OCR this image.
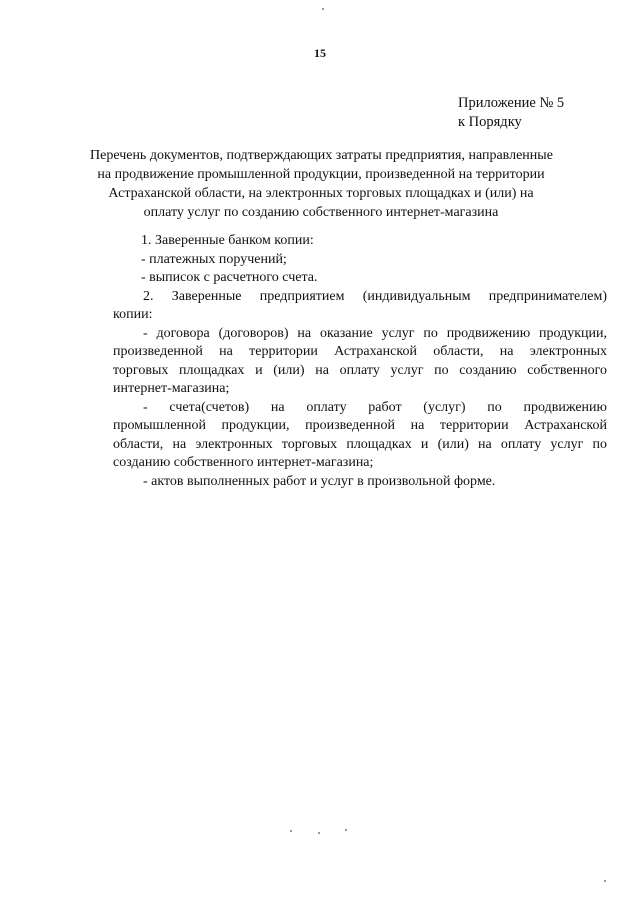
15
Приложение № 5
к Порядку
Перечень документов, подтверждающих затраты предприятия, направленные
на продвижение промышленной продукции, произведенной на территории
Астраханской области, на электронных торговых площадках и (или) на
оплату услуг по созданию собственного интернет-магазина
1. Заверенные банком копии:
- платежных поручений;
- выписок с расчетного счета.
2. Заверенные предприятием (индивидуальным предпринимателем)
копии:
- договора (договоров) на оказание услуг по продвижению продукции,
произведенной на территории Астраханской области, на электронных
торговых площадках и (или) на оплату услуг по созданию собственного
интернет-магазина;
- счета(счетов) на оплату работ (услуг) по продвижению
промышленной продукции, произведенной на территории Астраханской
области, на электронных торговых площадках и (или) на оплату услуг по
созданию собственного интернет-магазина;
- актов выполненных работ и услуг в произвольной форме.
